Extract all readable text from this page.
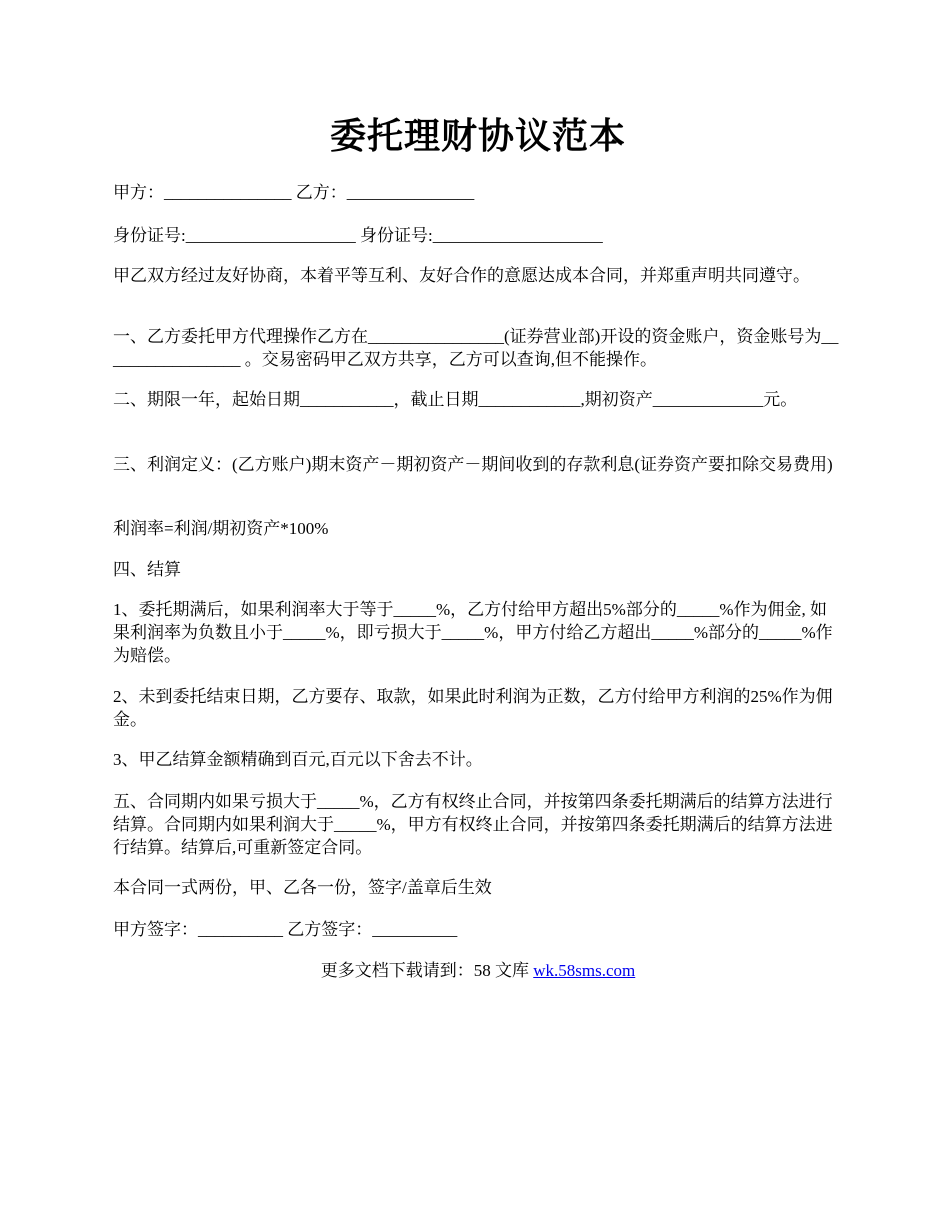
委托理财协议范本

甲方：_______________ 乙方：_______________

身份证号:____________________ 身份证号:____________________

甲乙双方经过友好协商，本着平等互利、友好合作的意愿达成本合同，并郑重声明共同遵守。

一、乙方委托甲方代理操作乙方在________________(证券营业部)开设的资金账户，资金账号为_________________ 。交易密码甲乙双方共享，乙方可以查询,但不能操作。

二、期限一年，起始日期___________，截止日期____________,期初资产_____________元。

三、利润定义：(乙方账户)期末资产－期初资产－期间收到的存款利息(证券资产要扣除交易费用)

利润率=利润/期初资产*100%

四、结算

1、委托期满后，如果利润率大于等于_____%，乙方付给甲方超出5%部分的_____%作为佣金, 如果利润率为负数且小于_____%，即亏损大于_____%，甲方付给乙方超出_____%部分的_____%作为赔偿。

2、未到委托结束日期，乙方要存、取款，如果此时利润为正数，乙方付给甲方利润的25%作为佣金。

3、甲乙结算金额精确到百元,百元以下舍去不计。

五、合同期内如果亏损大于_____%，乙方有权终止合同，并按第四条委托期满后的结算方法进行结算。合同期内如果利润大于_____%，甲方有权终止合同，并按第四条委托期满后的结算方法进行结算。结算后,可重新签定合同。

本合同一式两份，甲、乙各一份，签字/盖章后生效

甲方签字：__________ 乙方签字：__________

更多文档下载请到：58 文库 wk.58sms.com
